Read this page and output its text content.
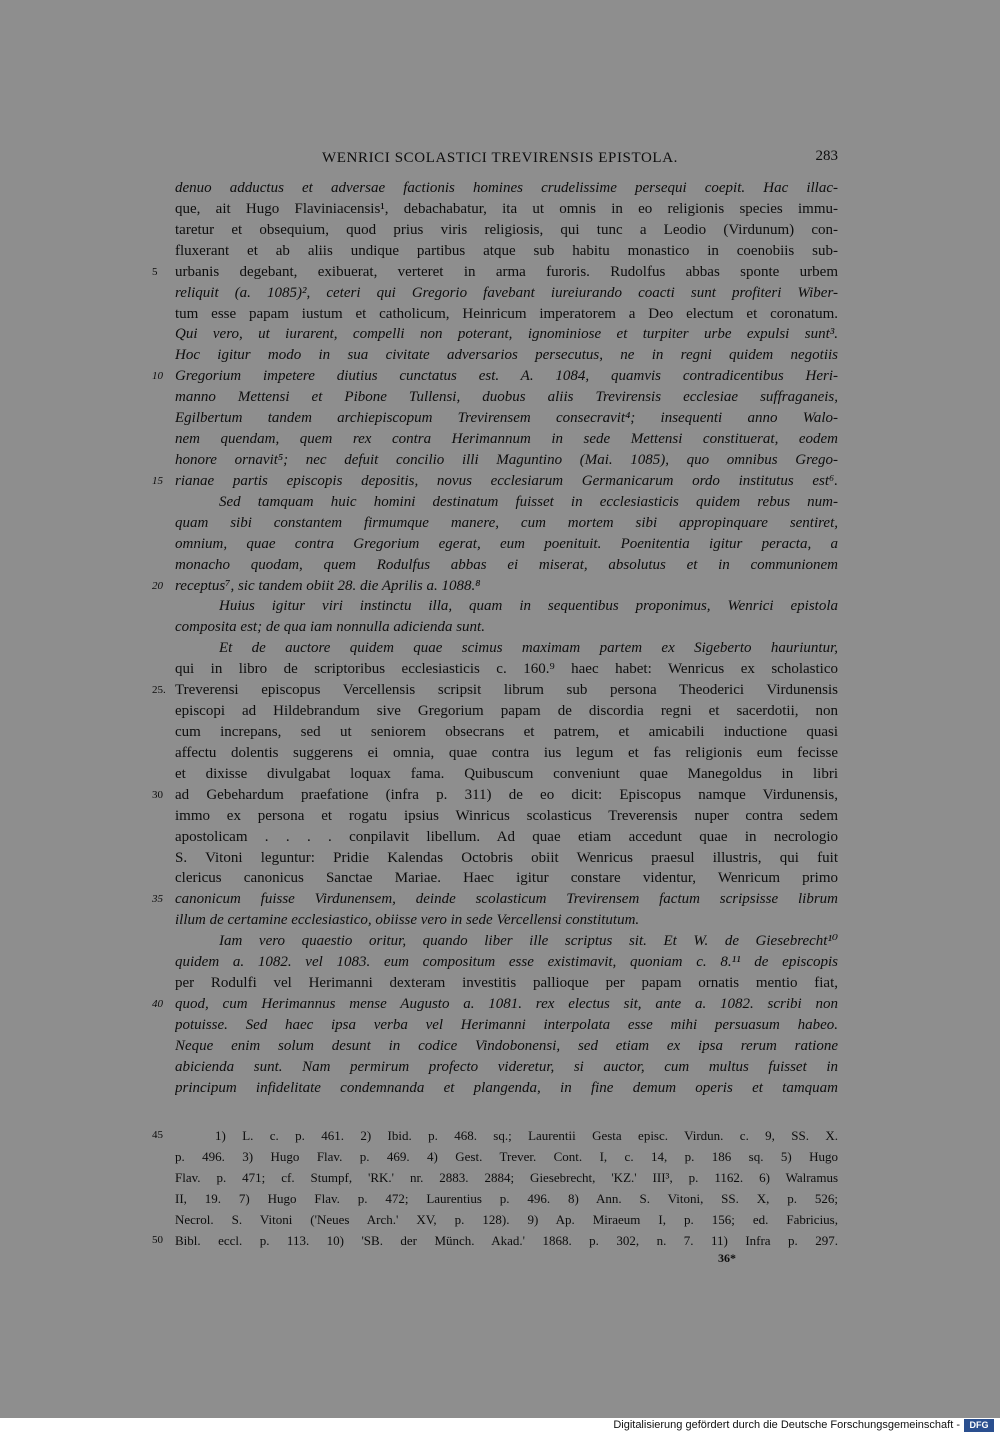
WENRICI SCOLASTICI TREVIRENSIS EPISTOLA.	283
denuo adductus et adversae factionis homines crudelissime persequi coepit. Hac illac-
que, ait Hugo Flaviniacensis¹, debachabatur, ita ut omnis in eo religionis species immu-
taretur et obsequium, quod prius viris religiosis, qui tunc a Leodio (Virdunum) con-
fluxerant et ab aliis undique partibus atque sub habitu monastico in coenobiis sub-
5	urbanis degebant, exibuerat, verteret in arma furoris. Rudolfus abbas sponte urbem
reliquit (a. 1085)², ceteri qui Gregorio favebant iureiurando coacti sunt profiteri Wiber-
tum esse papam iustum et catholicum, Heinricum imperatorem a Deo electum et coronatum.
Qui vero, ut iurarent, compelli non poterant, ignominiose et turpiter urbe expulsi sunt³.
Hoc igitur modo in sua civitate adversarios persecutus, ne in regni quidem negotiis
10 Gregorium impetere diutius cunctatus est. A. 1084, quamvis contradicentibus Heri-
manno Mettensi et Pibone Tullensi, duobus aliis Trevirensis ecclesiae suffraganeis,
Egilbertum tandem archiepiscopum Trevirensem consecravit⁴; insequenti anno Walo-
nem quendam, quem rex contra Herimannum in sede Mettensi constituerat, eodem
honore ornavit⁵; nec defuit concilio illi Maguntino (Mai. 1085), quo omnibus Grego-
15 rianae partis episcopis depositis, novus ecclesiarum Germanicarum ordo institutus est⁶.
Sed tamquam huic homini destinatum fuisset in ecclesiasticis quidem rebus num-
quam sibi constantem firmumque manere, cum mortem sibi appropinquare sentiret,
omnium, quae contra Gregorium egerat, eum poenituit. Poenitentia igitur peracta, a
monacho quodam, quem Rodulfus abbas ei miserat, absolutus et in communionem
20 receptus⁷, sic tandem obiit 28. die Aprilis a. 1088.⁸
Huius igitur viri instinctu illa, quam in sequentibus proponimus, Wenrici epistola
composita est; de qua iam nonnulla adicienda sunt.
Et de auctore quidem quae scimus maximam partem ex Sigeberto hauriuntur,
qui in libro de scriptoribus ecclesiasticis c. 160.⁹ haec habet: Wenricus ex scholastico
25. Treverensi episcopus Vercellensis scripsit librum sub persona Theoderici Virdunensis
episcopi ad Hildebrandum sive Gregorium papam de discordia regni et sacerdotii, non
cum increpans, sed ut seniorem obsecrans et patrem, et amicabili inductione quasi
affectu dolentis suggerens ei omnia, quae contra ius legum et fas religionis eum fecisse
et dixisse divulgabat loquax fama. Quibuscum conveniunt quae Manegoldus in libri
30 ad Gebehardum praefatione (infra p. 311) de eo dicit: Episcopus namque Virdunensis,
immo ex persona et rogatu ipsius Winricus scolasticus Treverensis nuper contra sedem
apostolicam . . . . conpilavit libellum. Ad quae etiam accedunt quae in necrologio
S. Vitoni leguntur: Pridie Kalendas Octobris obiit Wenricus praesul illustris, qui fuit
clericus canonicus Sanctae Mariae. Haec igitur constare videntur, Wenricum primo
35 canonicum fuisse Virdunensem, deinde scolasticum Trevirensem factum scripsisse librum
illum de certamine ecclesiastico, obiisse vero in sede Vercellensi constitutum.
Iam vero quaestio oritur, quando liber ille scriptus sit. Et W. de Giesebrecht¹⁰
quidem a. 1082. vel 1083. eum compositum esse existimavit, quoniam c. 8.¹¹ de episcopis
per Rodulfi vel Herimanni dexteram investitis pallioque per papam ornatis mentio fiat,
40 quod, cum Herimannus mense Augusto a. 1081. rex electus sit, ante a. 1082. scribi non
potuisse. Sed haec ipsa verba vel Herimanni interpolata esse mihi persuasum habeo.
Neque enim solum desunt in codice Vindobonensi, sed etiam ex ipsa rerum ratione
abicienda sunt. Nam permirum profecto videretur, si auctor, cum multus fuisset in
principum infidelitate condemnanda et plangenda, in fine demum operis et tamquam
45	1) L. c. p. 461. 2) Ibid. p. 468. sq.; Laurentii Gesta episc. Virdun. c. 9, SS. X.
p. 496. 3) Hugo Flav. p. 469. 4) Gest. Trever. Cont. I, c. 14, p. 186 sq. 5) Hugo
Flav. p. 471; cf. Stumpf, 'RK.' nr. 2883. 2884; Giesebrecht, 'KZ.' III³, p. 1162. 6) Walramus
II, 19. 7) Hugo Flav. p. 472; Laurentius p. 496. 8) Ann. S. Vitoni, SS. X, p. 526;
Necrol. S. Vitoni ('Neues Arch.' XV, p. 128). 9) Ap. Miraeum I, p. 156; ed. Fabricius,
50 Bibl. eccl. p. 113. 10) 'SB. der Münch. Akad.' 1868. p. 302, n. 7. 11) Infra p. 297.
36*
Digitalisierung gefördert durch die Deutsche Forschungsgemeinschaft -	DFG
